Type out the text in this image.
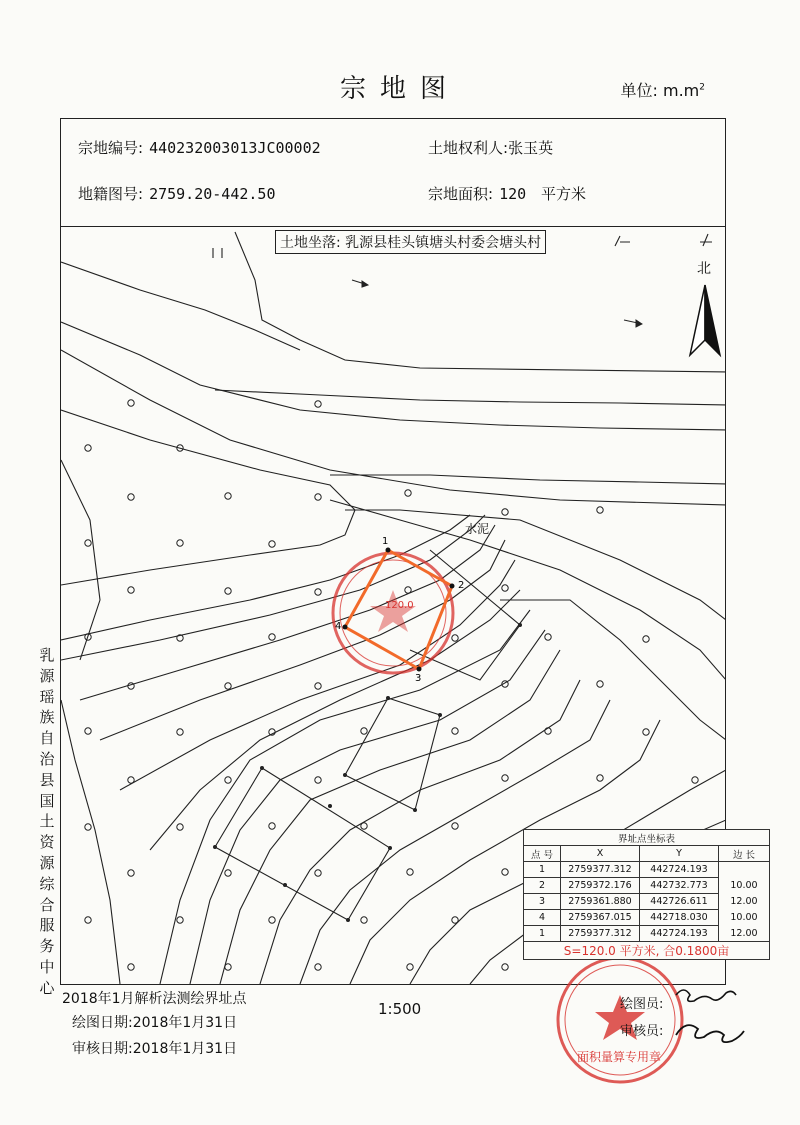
宗地图	单位: $m.m^2$
宗地编号: 440232003013JC00002	土地权利人:张玉英
地籍图号: 2759.20-442.50	宗地面积: 120 平方米
1
2
3
4
土地坐落: 乳源县桂头镇塘头村委会塘头村
北
水泥
120.0
乳源瑶族自治县国土资源综合服务中心
界址点坐标表			
点 号	X	Y	边 长
1	2759377.312	442724.193	
2	2759372.176	442732.773	10.00
3	2759361.880	442726.611	12.00
4	2759367.015	442718.030	10.00
1	2759377.312	442724.193	12.00
S=120.0 平方米, 合0.1800亩			
2018年1月解析法测绘界址点
绘图日期:2018年1月31日
审核日期:2018年1月31日
1:500	绘图员:
审核员:
面积量算专用章
